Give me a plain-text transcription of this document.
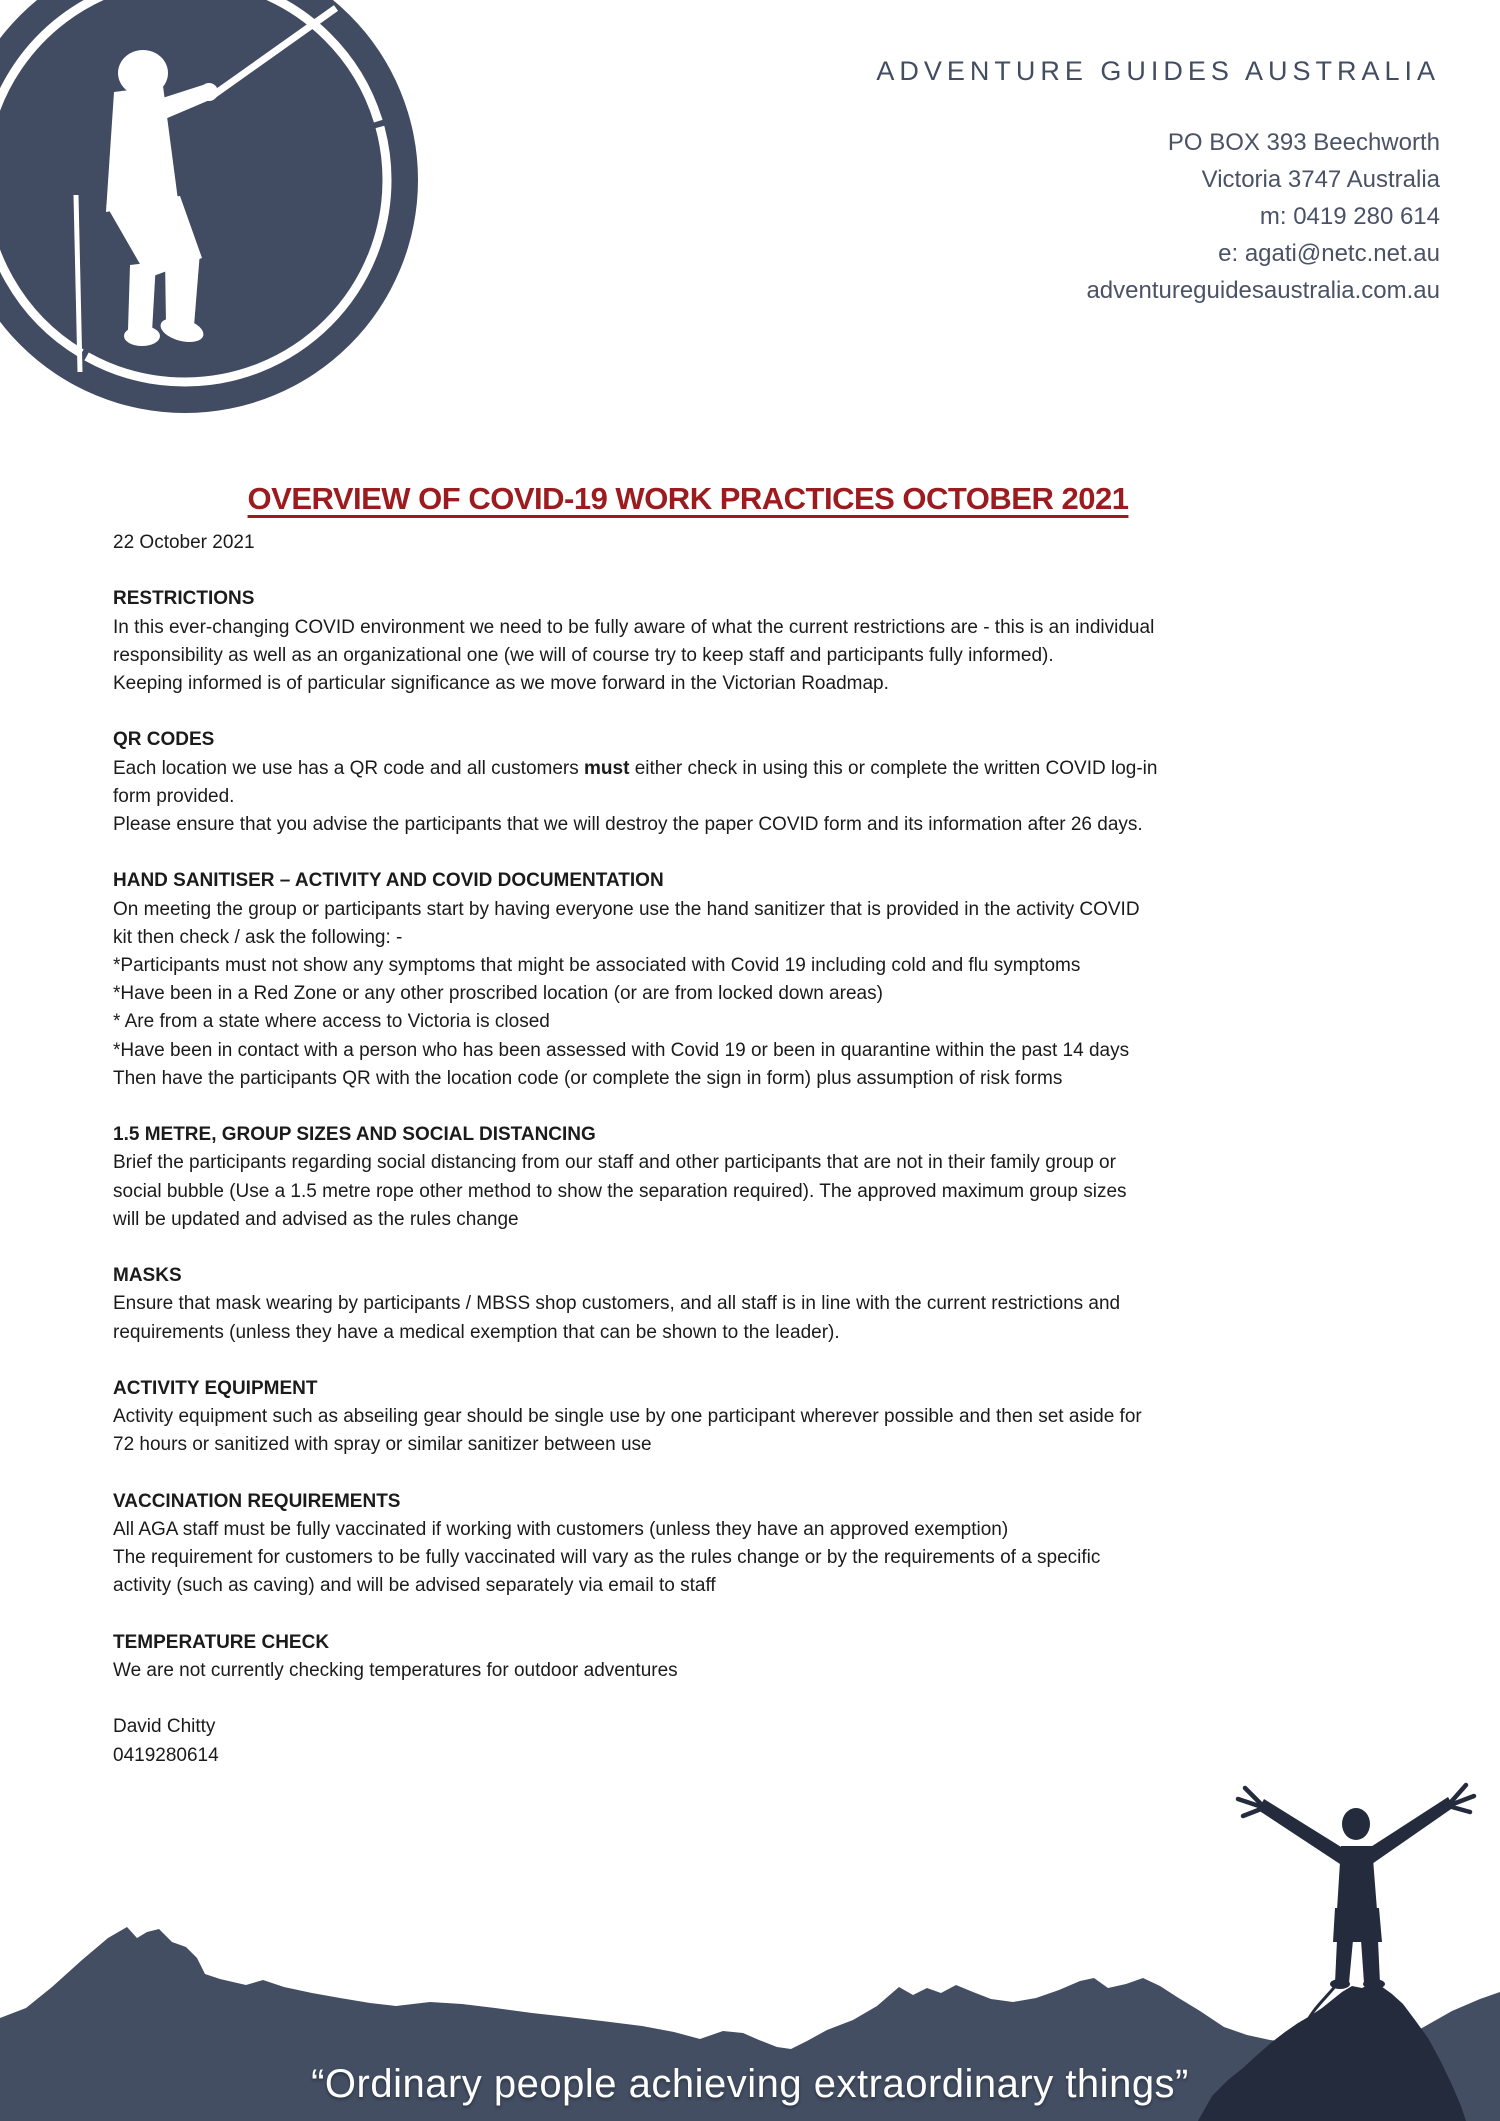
ADVENTURE GUIDES AUSTRALIA
PO BOX 393 Beechworth
Victoria 3747 Australia
m: 0419 280 614
e: agati@netc.net.au
adventureguidesaustralia.com.au
OVERVIEW OF COVID-19 WORK PRACTICES OCTOBER 2021
22 October 2021
RESTRICTIONS
In this ever-changing COVID environment we need to be fully aware of what the current restrictions are - this is an individual
responsibility as well as an organizational one (we will of course try to keep staff and participants fully informed).
Keeping informed is of particular significance as we move forward in the Victorian Roadmap.
QR CODES
Each location we use has a QR code and all customers must either check in using this or complete the written COVID log-in
form provided.
Please ensure that you advise the participants that we will destroy the paper COVID form and its information after 26 days.
HAND SANITISER – ACTIVITY AND COVID DOCUMENTATION
On meeting the group or participants start by having everyone use the hand sanitizer that is provided in the activity COVID
kit then check / ask the following: -
*Participants must not show any symptoms that might be associated with Covid 19 including cold and flu symptoms
*Have been in a Red Zone or any other proscribed location (or are from locked down areas)
* Are from a state where access to Victoria is closed
*Have been in contact with a person who has been assessed with Covid 19 or been in quarantine within the past 14 days
Then have the participants QR with the location code (or complete the sign in form) plus assumption of risk forms
1.5 METRE, GROUP SIZES AND SOCIAL DISTANCING
Brief the participants regarding social distancing from our staff and other participants that are not in their family group or
social bubble (Use a 1.5 metre rope other method to show the separation required). The approved maximum group sizes
will be updated and advised as the rules change
MASKS
Ensure that mask wearing by participants / MBSS shop customers, and all staff is in line with the current restrictions and
requirements (unless they have a medical exemption that can be shown to the leader).
ACTIVITY EQUIPMENT
Activity equipment such as abseiling gear should be single use by one participant wherever possible and then set aside for
72 hours or sanitized with spray or similar sanitizer between use
VACCINATION REQUIREMENTS
All AGA staff must be fully vaccinated if working with customers (unless they have an approved exemption)
The requirement for customers to be fully vaccinated will vary as the rules change or by the requirements of a specific
activity (such as caving) and will be advised separately via email to staff
TEMPERATURE CHECK
We are not currently checking temperatures for outdoor adventures
David Chitty
0419280614
“Ordinary people achieving extraordinary things”
